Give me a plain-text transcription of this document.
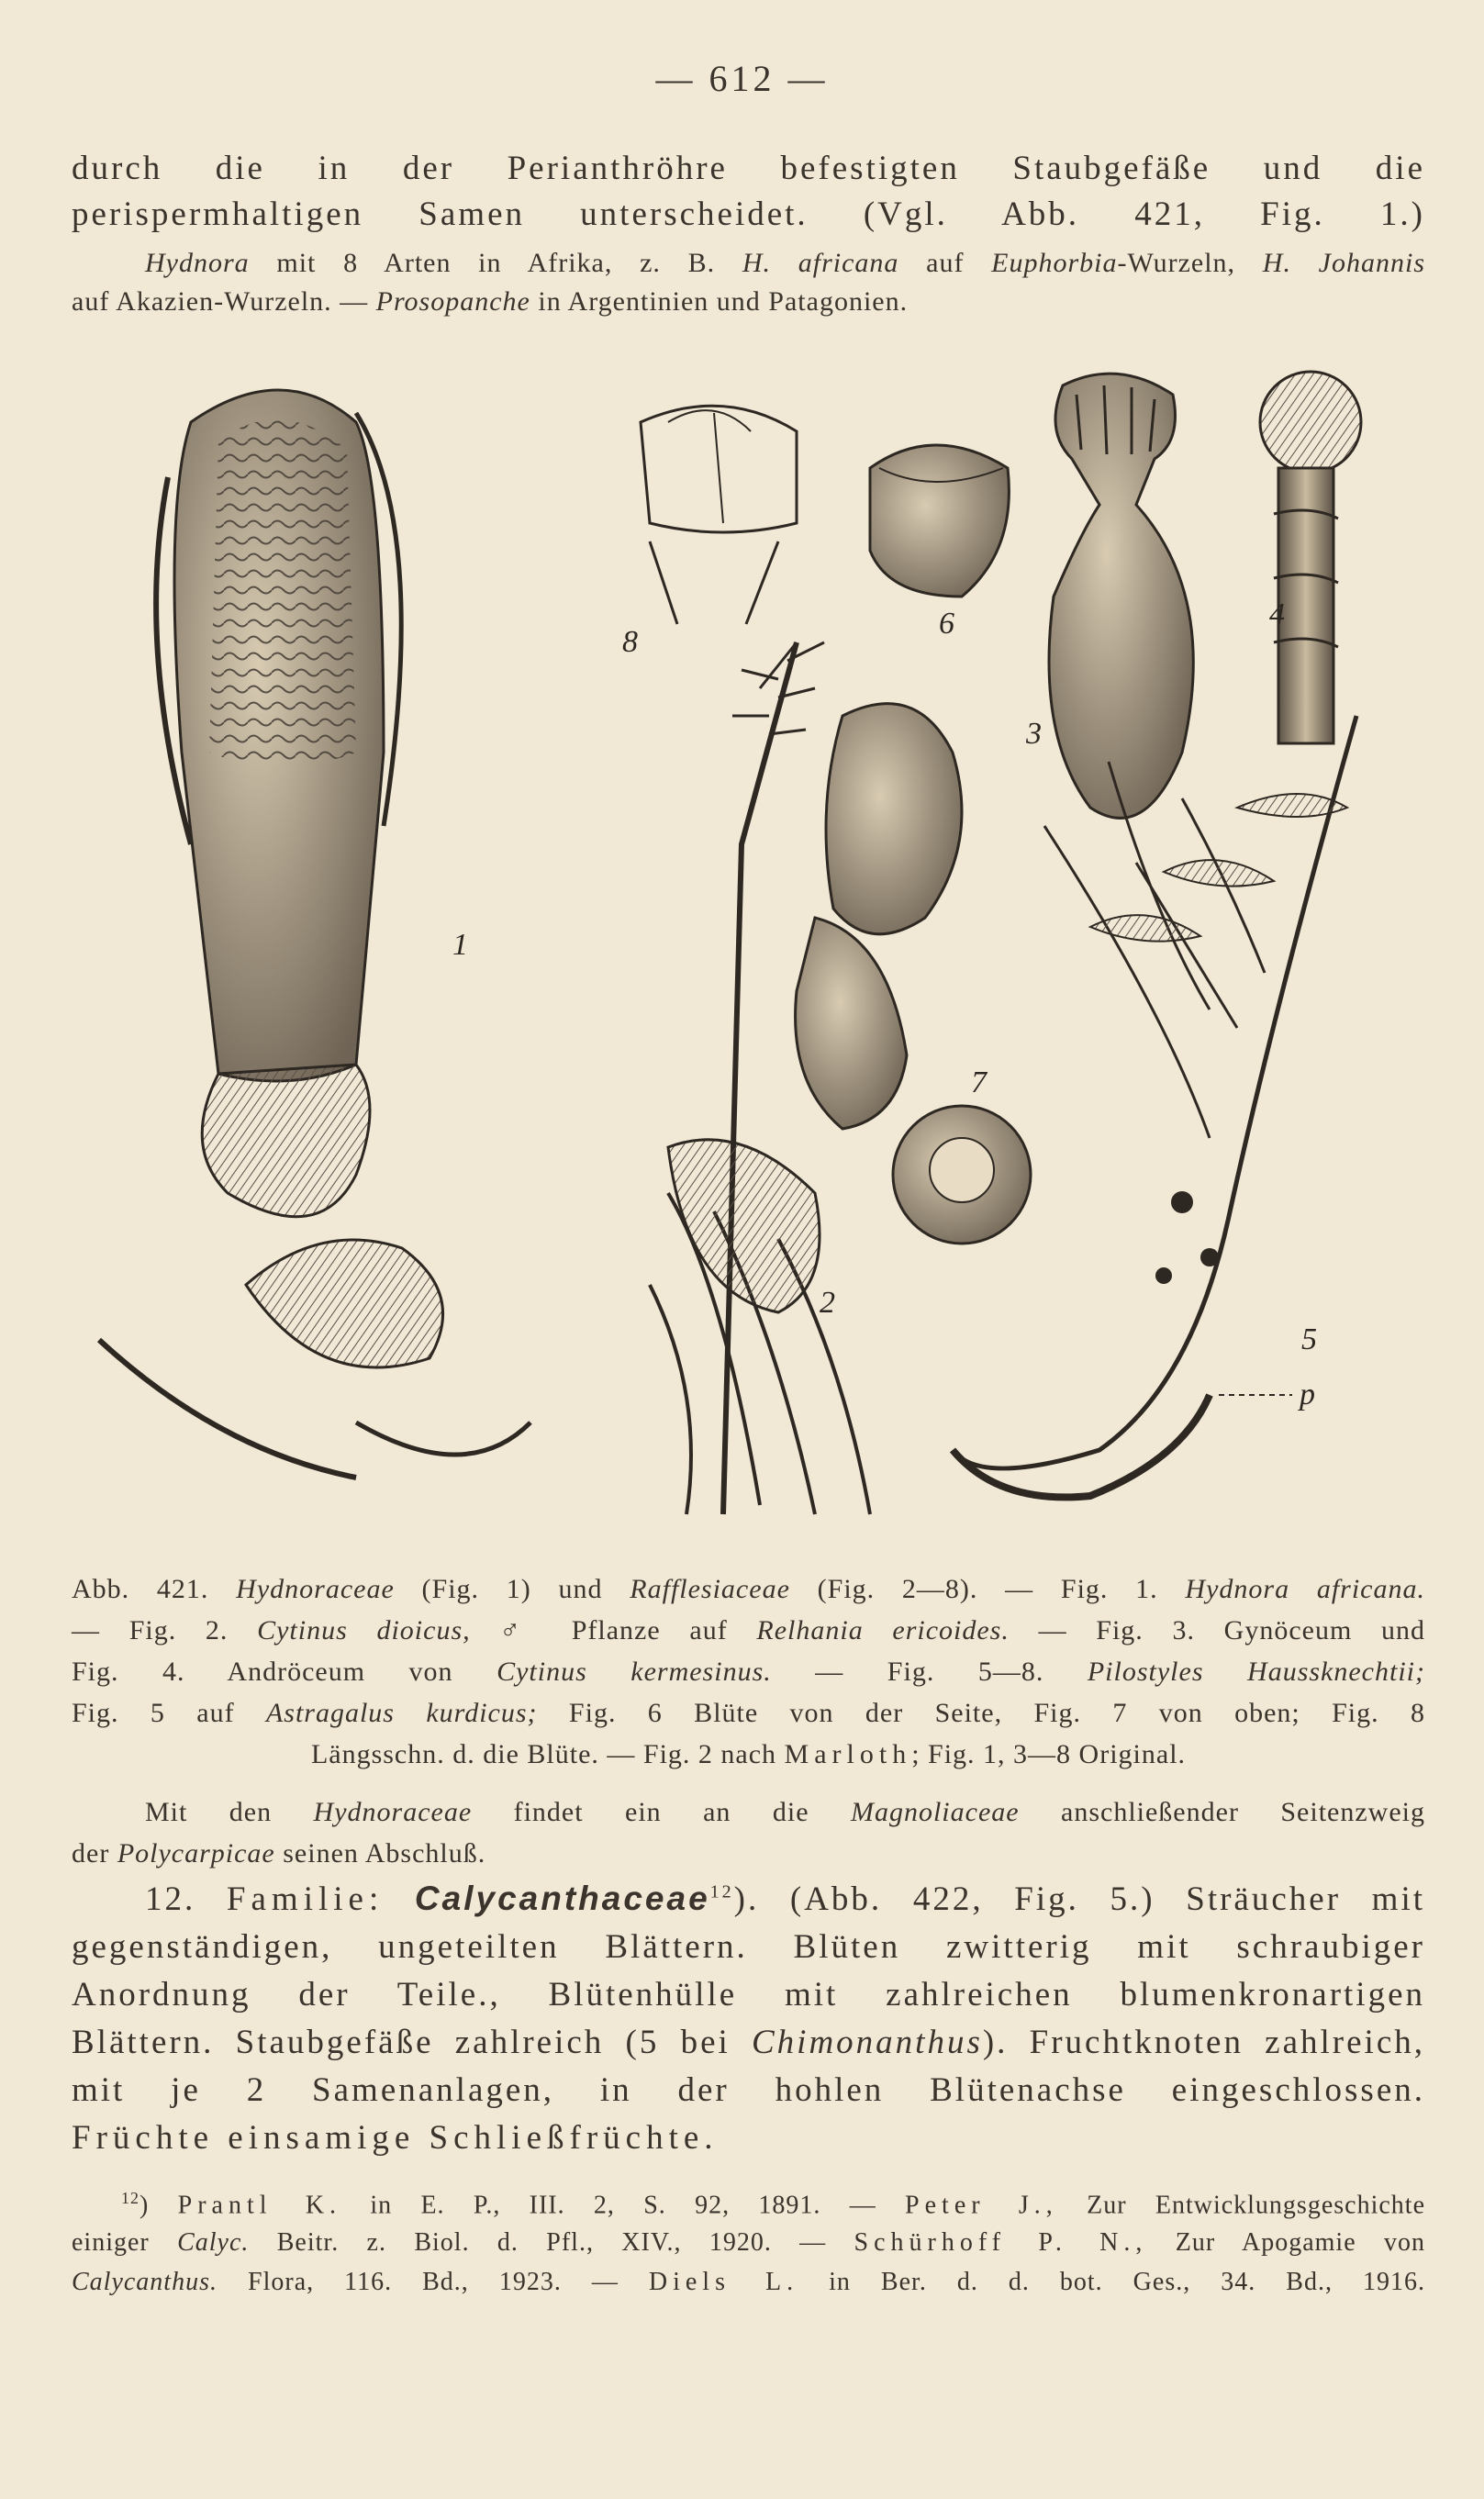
— 612 —
durch die in der Perianthröhre befestigten Staubgefäße und die
perispermhaltigen Samen unterscheidet. (Vgl. Abb. 421, Fig. 1.)
Hydnora mit 8 Arten in Afrika, z. B. H. africana auf Euphorbia-Wurzeln, H. Johannis
auf Akazien-Wurzeln. — Prosopanche in Argentinien und Patagonien.
1
2
3
4
5
6
7
8
p
Abb. 421. Hydnoraceae (Fig. 1) und Rafflesiaceae (Fig. 2—8). — Fig. 1. Hydnora africana.
— Fig. 2. Cytinus dioicus, ♂ Pflanze auf Relhania ericoides. — Fig. 3. Gynöceum und
Fig. 4. Andröceum von Cytinus kermesinus. — Fig. 5—8. Pilostyles Haussknechtii;
Fig. 5 auf Astragalus kurdicus; Fig. 6 Blüte von der Seite, Fig. 7 von oben; Fig. 8
Längsschn. d. die Blüte. — Fig. 2 nach Marloth; Fig. 1, 3—8 Original.
Mit den Hydnoraceae findet ein an die Magnoliaceae anschließender Seitenzweig
der Polycarpicae seinen Abschluß.
12. Familie: Calycanthaceae$^{12}$). (Abb. 422, Fig. 5.) Sträucher mit
gegenständigen, ungeteilten Blättern. Blüten zwitterig mit schraubiger
Anordnung der Teile., Blütenhülle mit zahlreichen blumenkronartigen
Blättern. Staubgefäße zahlreich (5 bei Chimonanthus). Fruchtknoten zahlreich,
mit je 2 Samenanlagen, in der hohlen Blütenachse eingeschlossen.
Früchte einsamige Schließfrüchte.
$^{12}$) Prantl K. in E. P., III. 2, S. 92, 1891. — Peter J., Zur Entwicklungsgeschichte
einiger Calyc. Beitr. z. Biol. d. Pfl., XIV., 1920. — Schürhoff P. N., Zur Apogamie von
Calycanthus. Flora, 116. Bd., 1923. — Diels L. in Ber. d. d. bot. Ges., 34. Bd., 1916.
